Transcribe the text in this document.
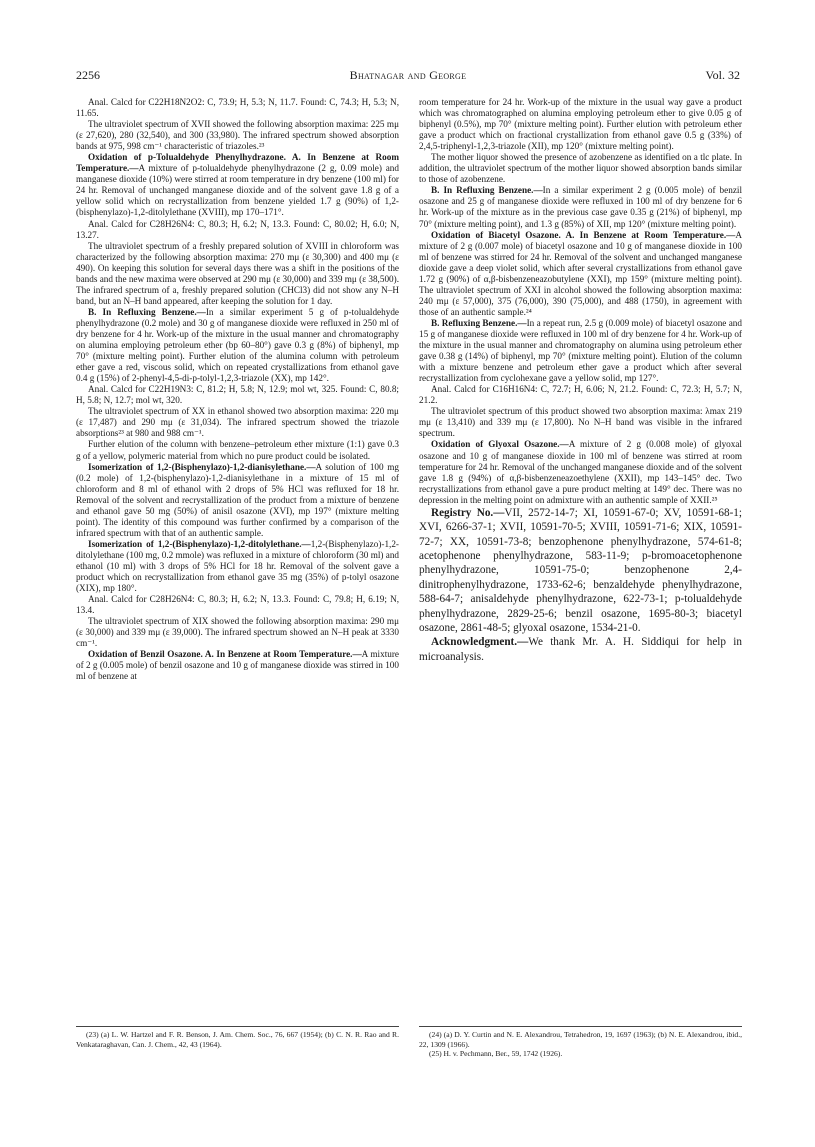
2256	Bhatnagar and George	Vol. 32

Anal. Calcd for C22H18N2O2: C, 73.9; H, 5.3; N, 11.7. Found: C, 74.3; H, 5.3; N, 11.65.

The ultraviolet spectrum of XVII showed the following absorption maxima: 225 mμ (ε 27,620), 280 (32,540), and 300 (33,980). The infrared spectrum showed absorption bands at 975, 998 cm⁻¹ characteristic of triazoles.²³

Oxidation of p-Tolualdehyde Phenylhydrazone. A. In Benzene at Room Temperature.—A mixture of p-tolualdehyde phenylhydrazone (2 g, 0.09 mole) and manganese dioxide (10%) were stirred at room temperature in dry benzene (100 ml) for 24 hr. Removal of unchanged manganese dioxide and of the solvent gave 1.8 g of a yellow solid which on recrystallization from benzene yielded 1.7 g (90%) of 1,2-(bisphenylazo)-1,2-ditolylethane (XVIII), mp 170–171°.

Anal. Calcd for C28H26N4: C, 80.3; H, 6.2; N, 13.3. Found: C, 80.02; H, 6.0; N, 13.27.

The ultraviolet spectrum of a freshly prepared solution of XVIII in chloroform was characterized by the following absorption maxima: 270 mμ (ε 30,300) and 400 mμ (ε 490). On keeping this solution for several days there was a shift in the positions of the bands and the new maxima were observed at 290 mμ (ε 30,000) and 339 mμ (ε 38,500). The infrared spectrum of a, freshly prepared solution (CHCl3) did not show any N–H band, but an N–H band appeared, after keeping the solution for 1 day.

B. In Refluxing Benzene.—In a similar experiment 5 g of p-tolualdehyde phenylhydrazone (0.2 mole) and 30 g of manganese dioxide were refluxed in 250 ml of dry benzene for 4 hr. Work-up of the mixture in the usual manner and chromatography on alumina employing petroleum ether (bp 60–80°) gave 0.3 g (8%) of biphenyl, mp 70° (mixture melting point). Further elution of the alumina column with petroleum ether gave a red, viscous solid, which on repeated crystallizations from ethanol gave 0.4 g (15%) of 2-phenyl-4,5-di-p-tolyl-1,2,3-triazole (XX), mp 142°.

Anal. Calcd for C22H19N3: C, 81.2; H, 5.8; N, 12.9; mol wt, 325. Found: C, 80.8; H, 5.8; N, 12.7; mol wt, 320.

The ultraviolet spectrum of XX in ethanol showed two absorption maxima: 220 mμ (ε 17,487) and 290 mμ (ε 31,034). The infrared spectrum showed the triazole absorptions²³ at 980 and 988 cm⁻¹.

Further elution of the column with benzene–petroleum ether mixture (1:1) gave 0.3 g of a yellow, polymeric material from which no pure product could be isolated.

Isomerization of 1,2-(Bisphenylazo)-1,2-dianisylethane.—A solution of 100 mg (0.2 mole) of 1,2-(bisphenylazo)-1,2-dianisylethane in a mixture of 15 ml of chloroform and 8 ml of ethanol with 2 drops of 5% HCl was refluxed for 18 hr. Removal of the solvent and recrystallization of the product from a mixture of benzene and ethanol gave 50 mg (50%) of anisil osazone (XVI), mp 197° (mixture melting point). The identity of this compound was further confirmed by a comparison of the infrared spectrum with that of an authentic sample.

Isomerization of 1,2-(Bisphenylazo)-1,2-ditolylethane.—1,2-(Bisphenylazo)-1,2-ditolylethane (100 mg, 0.2 mmole) was refluxed in a mixture of chloroform (30 ml) and ethanol (10 ml) with 3 drops of 5% HCl for 18 hr. Removal of the solvent gave a product which on recrystallization from ethanol gave 35 mg (35%) of p-tolyl osazone (XIX), mp 180°.

Anal. Calcd for C28H26N4: C, 80.3; H, 6.2; N, 13.3. Found: C, 79.8; H, 6.19; N, 13.4.

The ultraviolet spectrum of XIX showed the following absorption maxima: 290 mμ (ε 30,000) and 339 mμ (ε 39,000). The infrared spectrum showed an N–H peak at 3330 cm⁻¹.

Oxidation of Benzil Osazone. A. In Benzene at Room Temperature.—A mixture of 2 g (0.005 mole) of benzil osazone and 10 g of manganese dioxide was stirred in 100 ml of benzene at

room temperature for 24 hr. Work-up of the mixture in the usual way gave a product which was chromatographed on alumina employing petroleum ether to give 0.05 g of biphenyl (0.5%), mp 70° (mixture melting point). Further elution with petroleum ether gave a product which on fractional crystallization from ethanol gave 0.5 g (33%) of 2,4,5-triphenyl-1,2,3-triazole (XII), mp 120° (mixture melting point).

The mother liquor showed the presence of azobenzene as identified on a tlc plate. In addition, the ultraviolet spectrum of the mother liquor showed absorption bands similar to those of azobenzene.

B. In Refluxing Benzene.—In a similar experiment 2 g (0.005 mole) of benzil osazone and 25 g of manganese dioxide were refluxed in 100 ml of dry benzene for 6 hr. Work-up of the mixture as in the previous case gave 0.35 g (21%) of biphenyl, mp 70° (mixture melting point), and 1.3 g (85%) of XII, mp 120° (mixture melting point).

Oxidation of Biacetyl Osazone. A. In Benzene at Room Temperature.—A mixture of 2 g (0.007 mole) of biacetyl osazone and 10 g of manganese dioxide in 100 ml of benzene was stirred for 24 hr. Removal of the solvent and unchanged manganese dioxide gave a deep violet solid, which after several crystallizations from ethanol gave 1.72 g (90%) of α,β-bisbenzeneazobutylene (XXI), mp 159° (mixture melting point). The ultraviolet spectrum of XXI in alcohol showed the following absorption maxima: 240 mμ (ε 57,000), 375 (76,000), 390 (75,000), and 488 (1750), in agreement with those of an authentic sample.²⁴

B. Refluxing Benzene.—In a repeat run, 2.5 g (0.009 mole) of biacetyl osazone and 15 g of manganese dioxide were refluxed in 100 ml of dry benzene for 4 hr. Work-up of the mixture in the usual manner and chromatography on alumina using petroleum ether gave 0.38 g (14%) of biphenyl, mp 70° (mixture melting point). Elution of the column with a mixture benzene and petroleum ether gave a product which after several recrystallization from cyclohexane gave a yellow solid, mp 127°.

Anal. Calcd for C16H16N4: C, 72.7; H, 6.06; N, 21.2. Found: C, 72.3; H, 5.7; N, 21.2.

The ultraviolet spectrum of this product showed two absorption maxima: λmax 219 mμ (ε 13,410) and 339 mμ (ε 17,800). No N–H band was visible in the infrared spectrum.

Oxidation of Glyoxal Osazone.—A mixture of 2 g (0.008 mole) of glyoxal osazone and 10 g of manganese dioxide in 100 ml of benzene was stirred at room temperature for 24 hr. Removal of the unchanged manganese dioxide and of the solvent gave 1.8 g (94%) of α,β-bisbenzeneazoethylene (XXII), mp 143–145° dec. Two recrystallizations from ethanol gave a pure product melting at 149° dec. There was no depression in the melting point on admixture with an authentic sample of XXII.²⁵

Registry No.—VII, 2572-14-7; XI, 10591-67-0; XV, 10591-68-1; XVI, 6266-37-1; XVII, 10591-70-5; XVIII, 10591-71-6; XIX, 10591-72-7; XX, 10591-73-8; benzophenone phenylhydrazone, 574-61-8; acetophenone phenylhydrazone, 583-11-9; p-bromoacetophenone phenylhydrazone, 10591-75-0; benzophenone 2,4-dinitrophenylhydrazone, 1733-62-6; benzaldehyde phenylhydrazone, 588-64-7; anisaldehyde phenylhydrazone, 622-73-1; p-tolualdehyde phenylhydrazone, 2829-25-6; benzil osazone, 1695-80-3; biacetyl osazone, 2861-48-5; glyoxal osazone, 1534-21-0.

Acknowledgment.—We thank Mr. A. H. Siddiqui for help in microanalysis.

(23) (a) L. W. Hartzel and F. R. Benson, J. Am. Chem. Soc., 76, 667 (1954); (b) C. N. R. Rao and R. Venkataraghavan, Can. J. Chem., 42, 43 (1964).
(24) (a) D. Y. Curtin and N. E. Alexandrou, Tetrahedron, 19, 1697 (1963); (b) N. E. Alexandrou, ibid., 22, 1309 (1966).
(25) H. v. Pechmann, Ber., 59, 1742 (1926).
